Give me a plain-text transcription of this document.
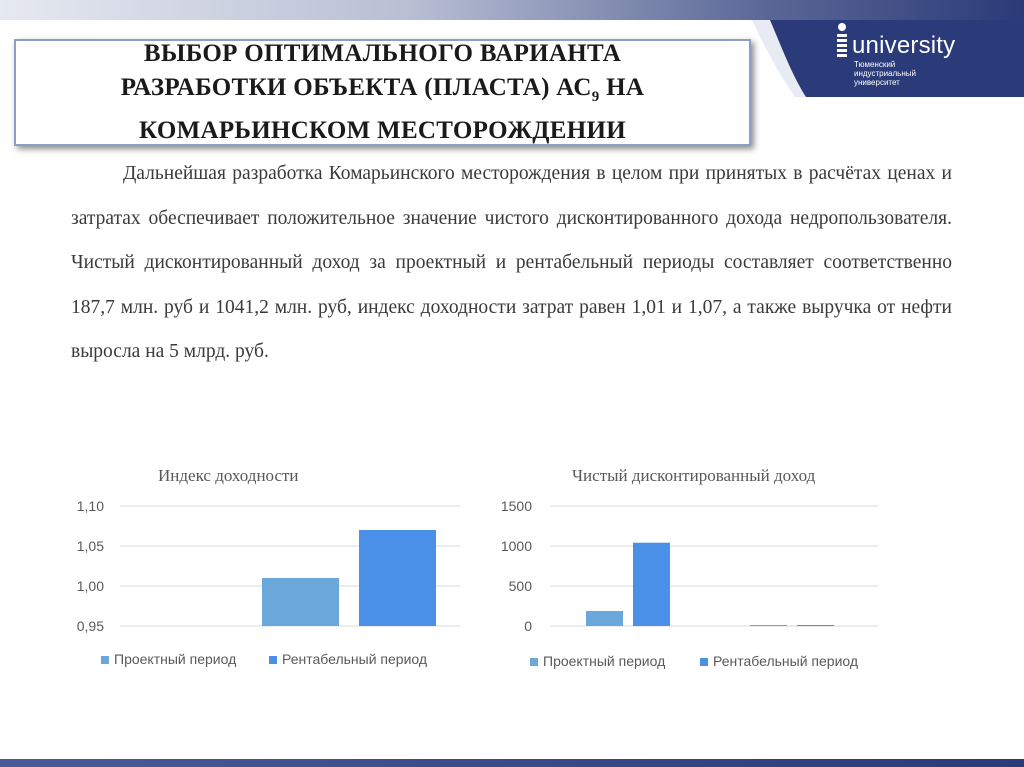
university
Тюменский
индустриальный
университет
ВЫБОР ОПТИМАЛЬНОГО ВАРИАНТА
РАЗРАБОТКИ ОБЪЕКТА (ПЛАСТА) $АС_9$ НА
КОМАРЬИНСКОМ МЕСТОРОЖДЕНИИ

Дальнейшая разработка Комарьинского месторождения в целом при принятых в расчётах ценах и затратах обеспечивает положительное значение чистого дисконтированного дохода недропользователя. Чистый дисконтированный доход за проектный и рентабельный периоды составляет соответственно 187,7 млн. руб и 1041,2 млн. руб, индекс доходности затрат равен 1,01 и 1,07, а также выручка от нефти выросла на 5 млрд. руб.

Индекс доходности	Чистый дисконтированный доход
0,95
1,00
1,05
1,10
Проектный период	Рентабельный период
0
500
1000
1500
Проектный период	Рентабельный период
